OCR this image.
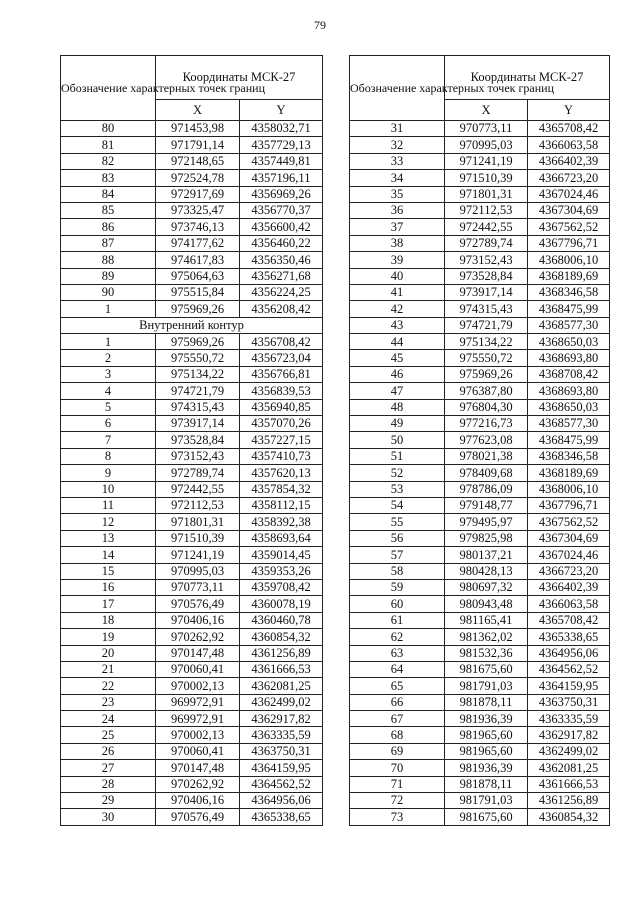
79
Обозначение характерных точек границ	Координаты МСК-27	
	X	Y
80	971453,98	4358032,71
81	971791,14	4357729,13
82	972148,65	4357449,81
83	972524,78	4357196,11
84	972917,69	4356969,26
85	973325,47	4356770,37
86	973746,13	4356600,42
87	974177,62	4356460,22
88	974617,83	4356350,46
89	975064,63	4356271,68
90	975515,84	4356224,25
1	975969,26	4356208,42
Внутренний контур		
1	975969,26	4356708,42
2	975550,72	4356723,04
3	975134,22	4356766,81
4	974721,79	4356839,53
5	974315,43	4356940,85
6	973917,14	4357070,26
7	973528,84	4357227,15
8	973152,43	4357410,73
9	972789,74	4357620,13
10	972442,55	4357854,32
11	972112,53	4358112,15
12	971801,31	4358392,38
13	971510,39	4358693,64
14	971241,19	4359014,45
15	970995,03	4359353,26
16	970773,11	4359708,42
17	970576,49	4360078,19
18	970406,16	4360460,78
19	970262,92	4360854,32
20	970147,48	4361256,89
21	970060,41	4361666,53
22	970002,13	4362081,25
23	969972,91	4362499,02
24	969972,91	4362917,82
25	970002,13	4363335,59
26	970060,41	4363750,31
27	970147,48	4364159,95
28	970262,92	4364562,52
29	970406,16	4364956,06
30	970576,49	4365338,65
Обозначение характерных точек границ	Координаты МСК-27	
	X	Y
31	970773,11	4365708,42
32	970995,03	4366063,58
33	971241,19	4366402,39
34	971510,39	4366723,20
35	971801,31	4367024,46
36	972112,53	4367304,69
37	972442,55	4367562,52
38	972789,74	4367796,71
39	973152,43	4368006,10
40	973528,84	4368189,69
41	973917,14	4368346,58
42	974315,43	4368475,99
43	974721,79	4368577,30
44	975134,22	4368650,03
45	975550,72	4368693,80
46	975969,26	4368708,42
47	976387,80	4368693,80
48	976804,30	4368650,03
49	977216,73	4368577,30
50	977623,08	4368475,99
51	978021,38	4368346,58
52	978409,68	4368189,69
53	978786,09	4368006,10
54	979148,77	4367796,71
55	979495,97	4367562,52
56	979825,98	4367304,69
57	980137,21	4367024,46
58	980428,13	4366723,20
59	980697,32	4366402,39
60	980943,48	4366063,58
61	981165,41	4365708,42
62	981362,02	4365338,65
63	981532,36	4364956,06
64	981675,60	4364562,52
65	981791,03	4364159,95
66	981878,11	4363750,31
67	981936,39	4363335,59
68	981965,60	4362917,82
69	981965,60	4362499,02
70	981936,39	4362081,25
71	981878,11	4361666,53
72	981791,03	4361256,89
73	981675,60	4360854,32
